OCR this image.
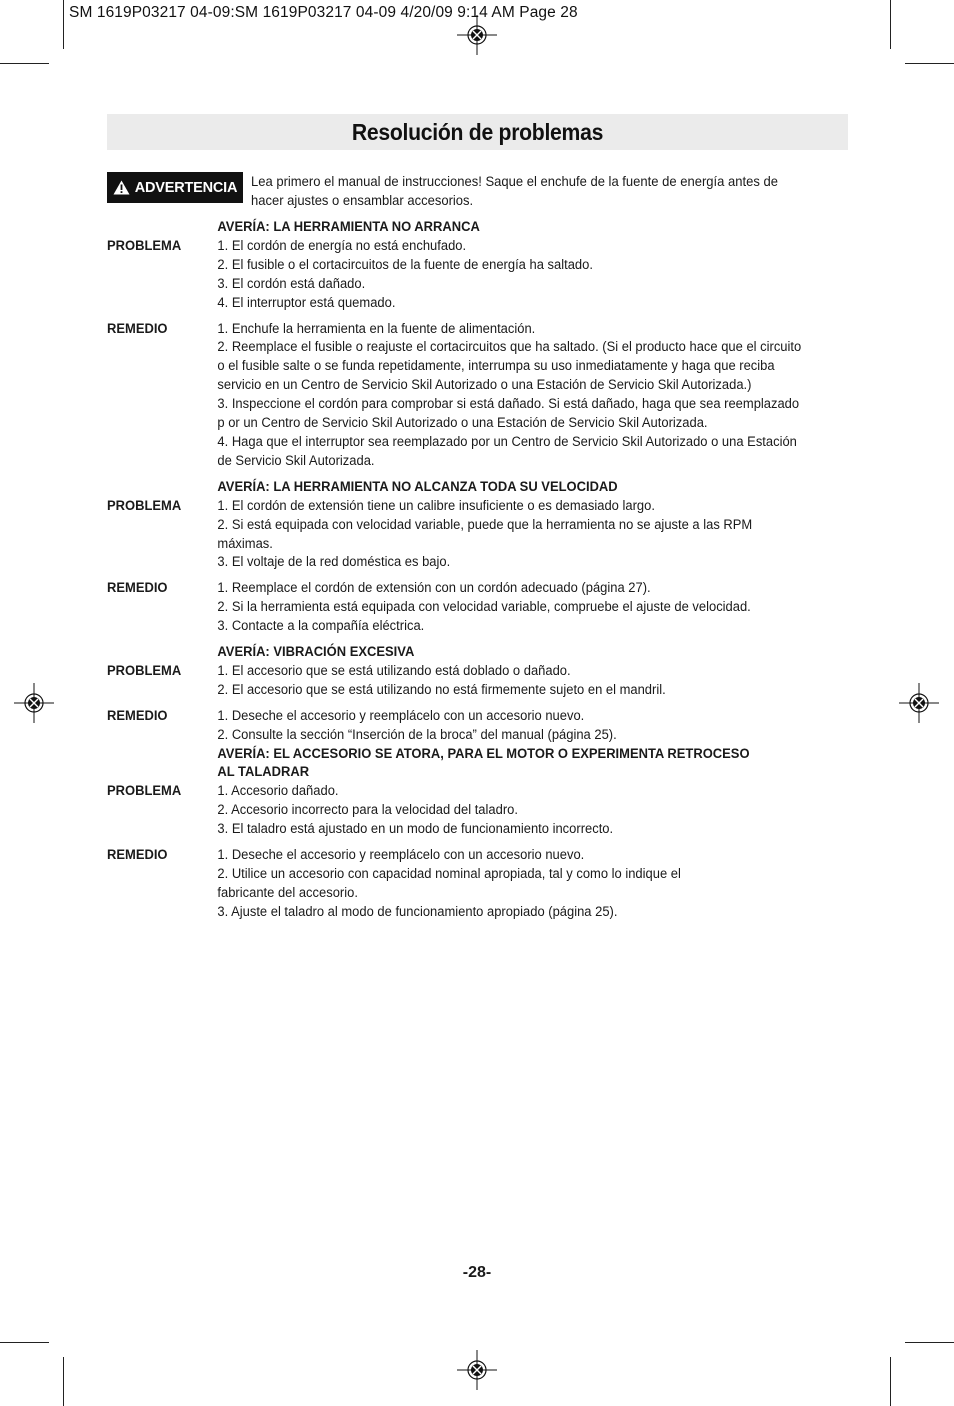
SM 1619P03217 04-09:SM 1619P03217 04-09 4/20/09 9:14 AM Page 28
Resolución de problemas
ADVERTENCIA Lea primero el manual de instrucciones! Saque el enchufe de la fuente de energía antes de hacer ajustes o ensamblar accesorios.
AVERÍA: LA HERRAMIENTA NO ARRANCA
PROBLEMA	1. El cordón de energía no está enchufado.
2. El fusible o el cortacircuitos de la fuente de energía ha saltado.
3. El cordón está dañado.
4. El interruptor está quemado.
REMEDIO	1. Enchufe la herramienta en la fuente de alimentación.
2. Reemplace el fusible o reajuste el cortacircuitos que ha saltado. (Si el producto hace que el circuito o el fusible salte o se funda repetidamente, interrumpa su uso inmediatamente y haga que reciba servicio en un Centro de Servicio Skil Autorizado o una Estación de Servicio Skil Autorizada.)
3. Inspeccione el cordón para comprobar si está dañado. Si está dañado, haga que sea reemplazado p or un Centro de Servicio Skil Autorizado o una Estación de Servicio Skil Autorizada.
4. Haga que el interruptor sea reemplazado por un Centro de Servicio Skil Autorizado o una Estación de Servicio Skil Autorizada.
AVERÍA: LA HERRAMIENTA NO ALCANZA TODA SU VELOCIDAD
PROBLEMA	1. El cordón de extensión tiene un calibre insuficiente o es demasiado largo.
2. Si está equipada con velocidad variable, puede que la herramienta no se ajuste a las RPM máximas.
3. El voltaje de la red doméstica es bajo.
REMEDIO	1. Reemplace el cordón de extensión con un cordón adecuado (página 27).
2. Si la herramienta está equipada con velocidad variable, compruebe el ajuste de velocidad.
3. Contacte a la compañía eléctrica.
AVERÍA: VIBRACIÓN EXCESIVA
PROBLEMA	1. El accesorio que se está utilizando está doblado o dañado.
2. El accesorio que se está utilizando no está firmemente sujeto en el mandril.
REMEDIO	1. Deseche el accesorio y reemplácelo con un accesorio nuevo.
2. Consulte la sección “Inserción de la broca” del manual (página 25).
AVERÍA: EL ACCESORIO SE ATORA, PARA EL MOTOR O EXPERIMENTA RETROCESO AL TALADRAR
PROBLEMA	1. Accesorio dañado.
2. Accesorio incorrecto para la velocidad del taladro.
3. El taladro está ajustado en un modo de funcionamiento incorrecto.
REMEDIO	1. Deseche el accesorio y reemplácelo con un accesorio nuevo.
2. Utilice un accesorio con capacidad nominal apropiada, tal y como lo indique el fabricante del accesorio.
3. Ajuste el taladro al modo de funcionamiento apropiado (página 25).
-28-
